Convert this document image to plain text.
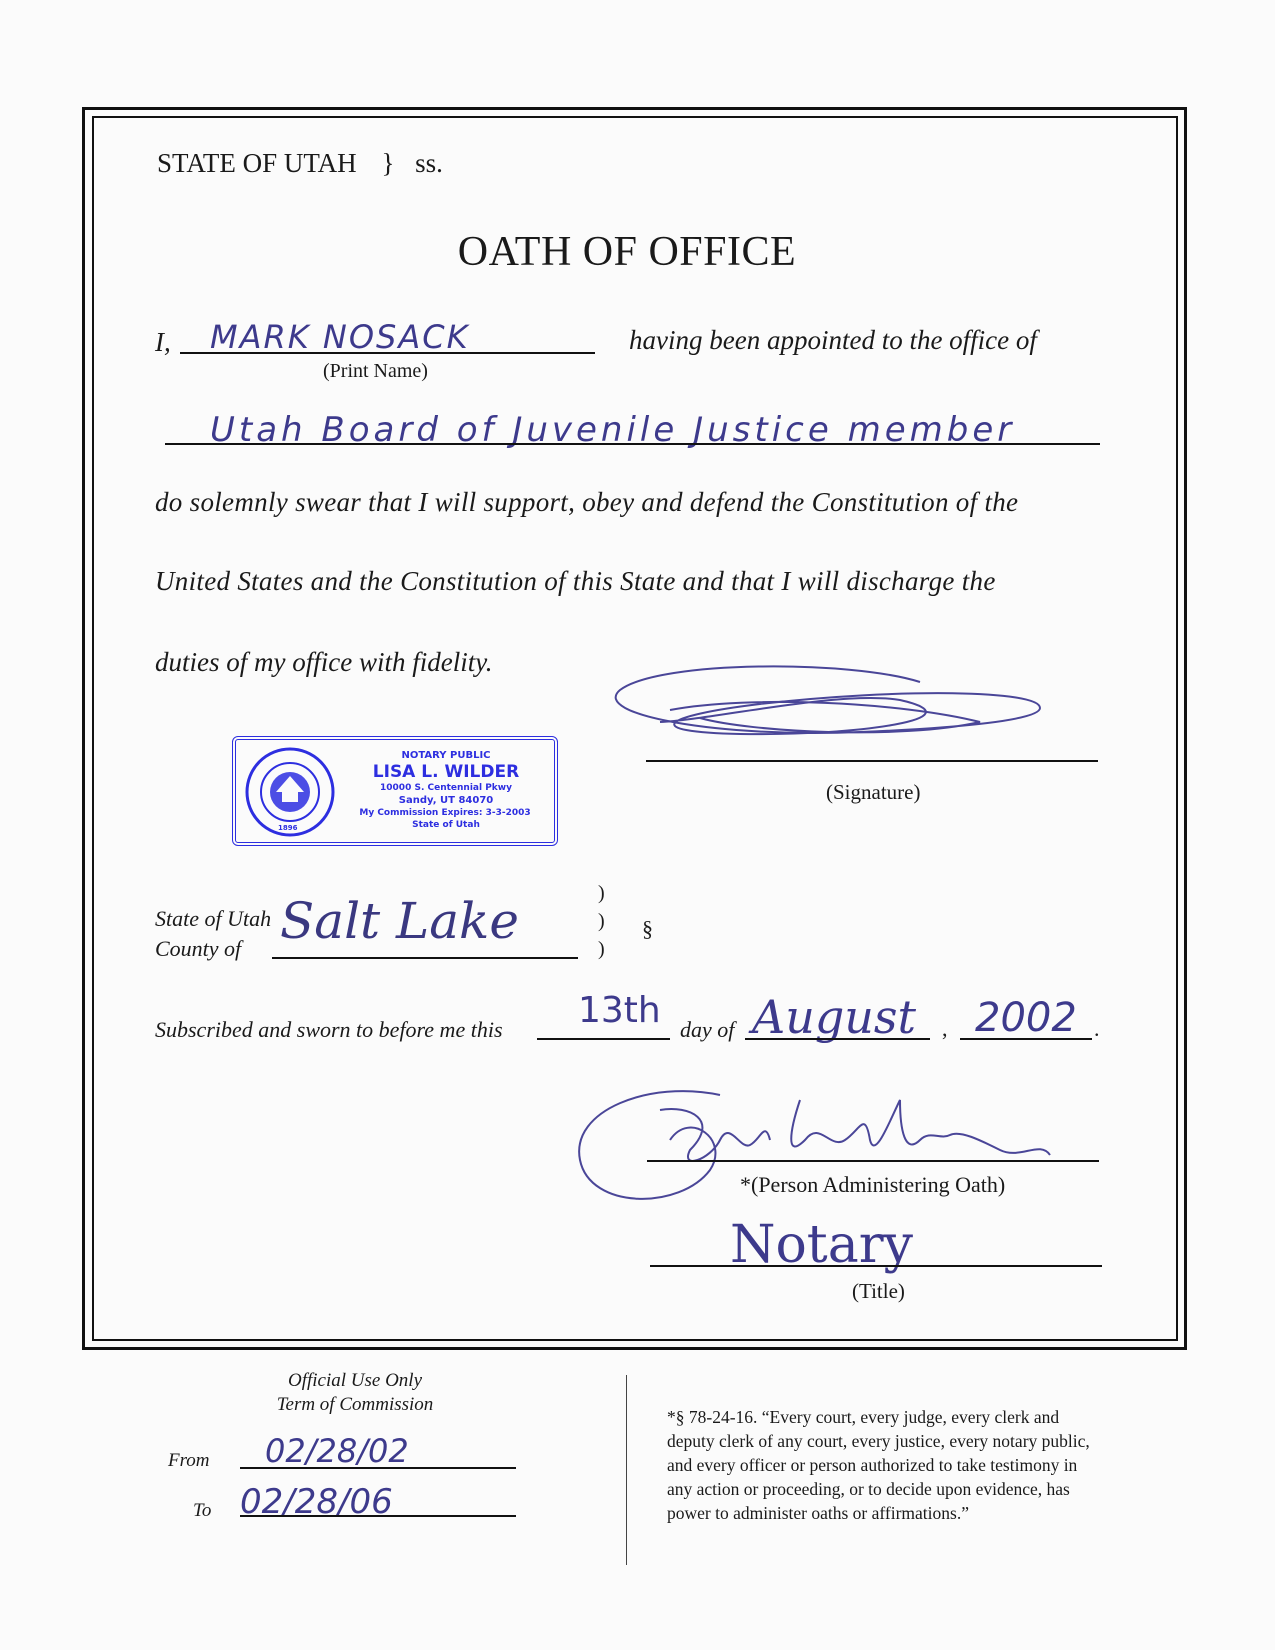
STATE OF UTAH } ss.
OATH OF OFFICE
I, MARK NOSACK
(Print Name)
having been appointed to the office of
Utah Board of Juvenile Justice member
do solemnly swear that I will support, obey and defend the Constitution of the
United States and the Constitution of this State and that I will discharge the
duties of my office with fidelity.
(Signature)
1896
NOTARY PUBLIC
LISA L. WILDER
10000 S. Centennial Pkwy
Sandy, UT 84070
My Commission Expires: 3-3-2003
State of Utah
State of Utah
County of Salt Lake	)
)
)
§
Subscribed and sworn to before me this 13th day of August , 2002 .
*(Person Administering Oath)
Notary
(Title)
Official Use Only
Term of Commission
From 02/28/02
To 02/28/06
*§ 78-24-16. “Every court, every judge, every clerk and
deputy clerk of any court, every justice, every notary public,
and every officer or person authorized to take testimony in
any action or proceeding, or to decide upon evidence, has
power to administer oaths or affirmations.”
